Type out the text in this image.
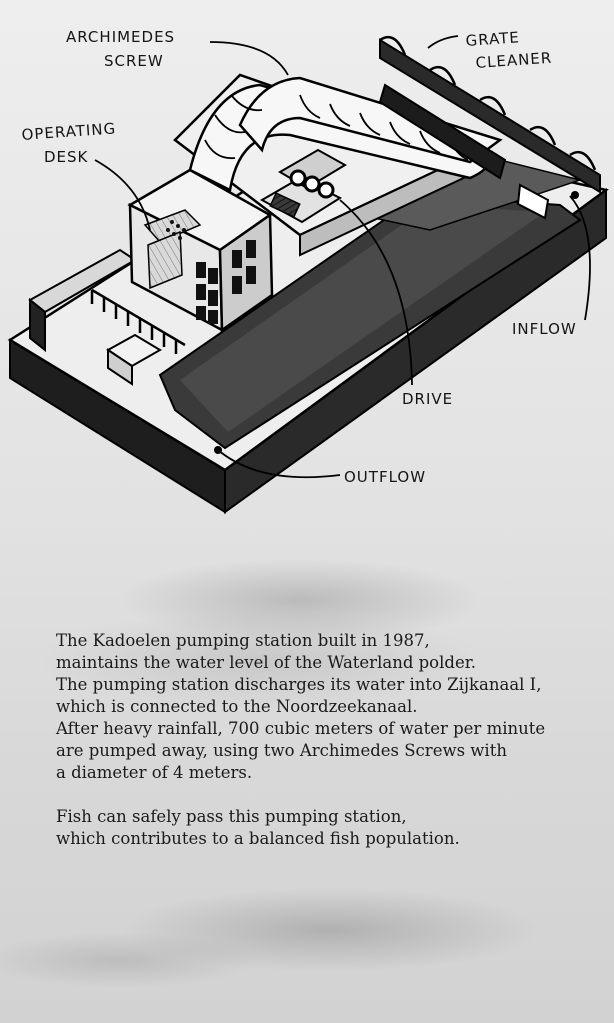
ARCHIMEDES
SCREW
GRATE
CLEANER
OPERATING
DESK
INFLOW
DRIVE
OUTFLOW

The Kadoelen pumping station built in 1987,
maintains the water level of the Waterland polder.
The pumping station discharges its water into Zijkanaal I,
which is connected to the Noordzeekanaal.
After heavy rainfall, 700 cubic meters of water per minute
are pumped away, using two Archimedes Screws with
a diameter of 4 meters.

Fish can safely pass this pumping station,
which contributes to a balanced fish population.
